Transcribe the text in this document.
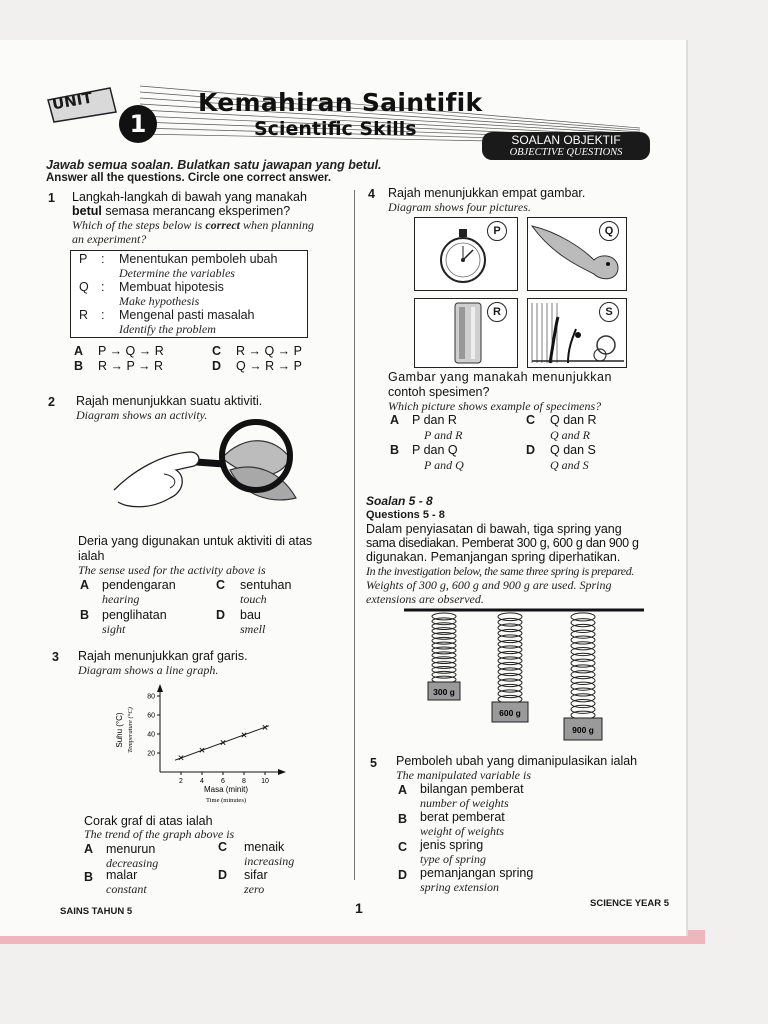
UNIT
1
Kemahiran Saintifik
Scientific Skills	SOALAN OBJEKTIF
OBJECTIVE QUESTIONS
Jawab semua soalan. Bulatkan satu jawapan yang betul.
Answer all the questions. Circle one correct answer.
1 Langkah-langkah di bawah yang manakah
betul semasa merancang eksperimen?
Which of the steps below is correct when planning
an experiment?
P : Menentukan pemboleh ubah
Determine the variables
Q : Membuat hipotesis
Make hypothesis
R : Mengenal pasti masalah
Identify the problem
A P → Q → R	C R → Q → P
B R → P → R	D Q → R → P
2 Rajah menunjukkan suatu aktiviti.
Diagram shows an activity.
Deria yang digunakan untuk aktiviti di atas
ialah
The sense used for the activity above is
A pendengaran
hearing
C sentuhan
touch
B penglihatan
sight
D bau
smell
3 Rajah menunjukkan graf garis.
Diagram shows a line graph.
2 4 6 8 10
20
40
60
80
Suhu (°C) Temperature (°C)
Masa (minit)
Time (minutes)
Corak graf di atas ialah
The trend of the graph above is
A menurun
decreasing
C menaik
increasing
B malar
constant
D sifar
zero
4 Rajah menunjukkan empat gambar.
Diagram shows four pictures.
P	Q
R	S
Gambar yang manakah menunjukkan
contoh spesimen?
Which picture shows example of specimens?
A P dan R
P and R
C Q dan R
Q and R
B P dan Q
P and Q
D Q dan S
Q and S
Soalan 5 - 8
Questions 5 - 8
Dalam penyiasatan di bawah, tiga spring yang
sama disediakan. Pemberat 300 g, 600 g dan 900 g
digunakan. Pemanjangan spring diperhatikan.
In the investigation below, the same three spring is prepared.
Weights of 300 g, 600 g and 900 g are used. Spring
extensions are observed.
300 g
600 g
900 g
5 Pemboleh ubah yang dimanipulasikan ialah
The manipulated variable is
A bilangan pemberat
number of weights
B berat pemberat
weight of weights
C jenis spring
type of spring
D pemanjangan spring
spring extension
SAINS TAHUN 5	1	SCIENCE YEAR 5
